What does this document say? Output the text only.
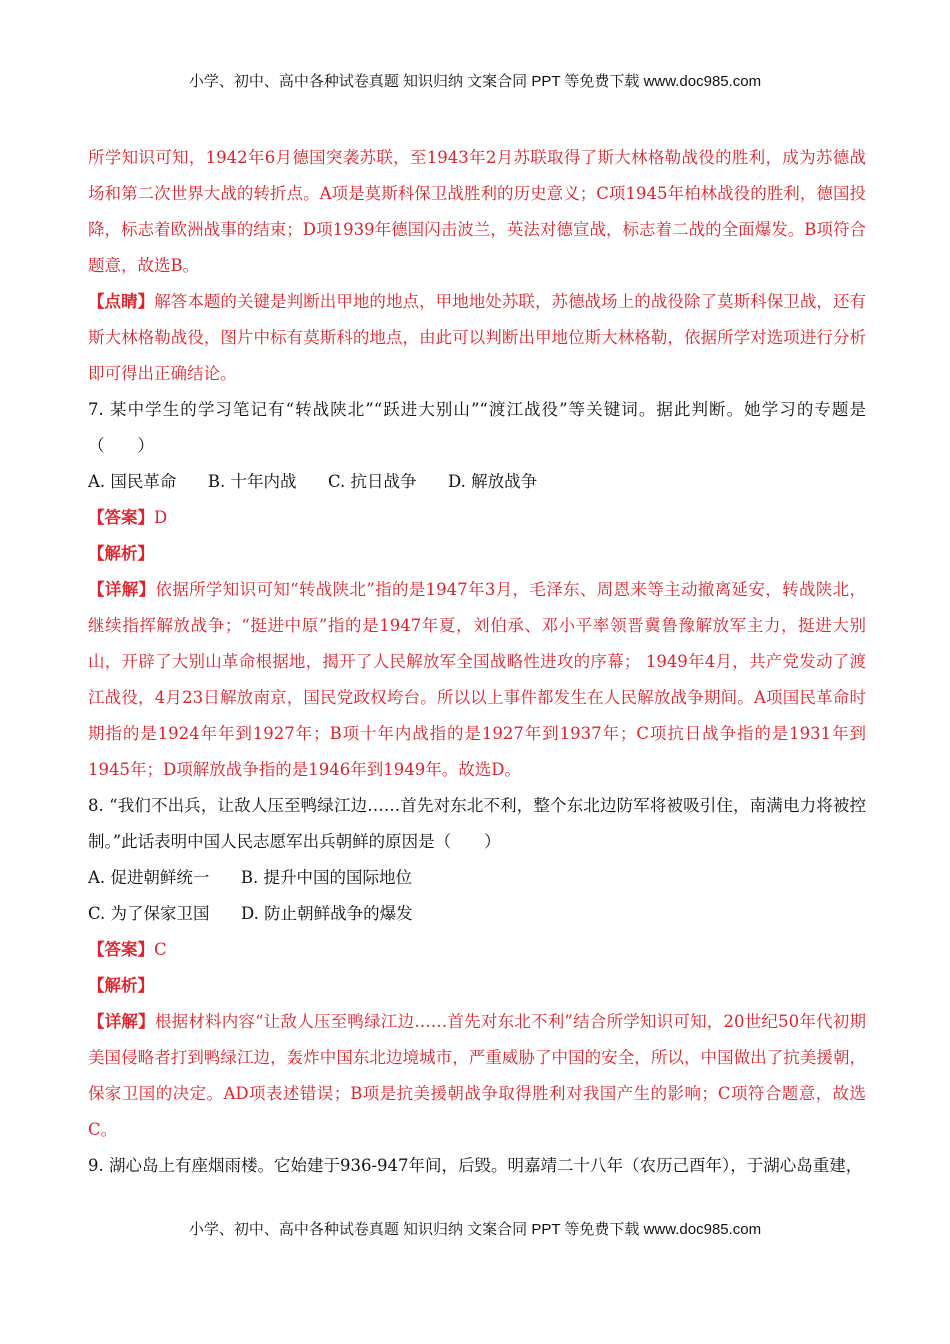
小学、初中、高中各种试卷真题 知识归纳 文案合同 PPT 等免费下载 www.doc985.com

所学知识可知，1942年6月德国突袭苏联，至1943年2月苏联取得了斯大林格勒战役的胜利，成为苏德战场和第二次世界大战的转折点。A项是莫斯科保卫战胜利的历史意义；C项1945年柏林战役的胜利，德国投降，标志着欧洲战事的结束；D项1939年德国闪击波兰，英法对德宣战，标志着二战的全面爆发。B项符合题意，故选B。

【点睛】解答本题的关键是判断出甲地的地点，甲地地处苏联，苏德战场上的战役除了莫斯科保卫战，还有斯大林格勒战役，图片中标有莫斯科的地点，由此可以判断出甲地位斯大林格勒，依据所学对选项进行分析即可得出正确结论。

7. 某中学生的学习笔记有“转战陕北”“跃进大别山”“渡江战役”等关键词。据此判断。她学习的专题是（　　）

A. 国民革命 B. 十年内战 C. 抗日战争 D. 解放战争

【答案】D

【解析】

【详解】依据所学知识可知“转战陕北”指的是1947年3月，毛泽东、周恩来等主动撤离延安，转战陕北，继续指挥解放战争；“挺进中原”指的是1947年夏，刘伯承、邓小平率领晋冀鲁豫解放军主力，挺进大别山，开辟了大别山革命根据地，揭开了人民解放军全国战略性进攻的序幕； 1949年4月，共产党发动了渡江战役，4月23日解放南京，国民党政权垮台。所以以上事件都发生在人民解放战争期间。A项国民革命时期指的是1924年年到1927年；B项十年内战指的是1927年到1937年；C项抗日战争指的是1931年到1945年；D项解放战争指的是1946年到1949年。故选D。

8. “我们不出兵，让敌人压至鸭绿江边……首先对东北不利，整个东北边防军将被吸引住，南满电力将被控制。”此话表明中国人民志愿军出兵朝鲜的原因是（　　）

A. 促进朝鲜统一 B. 提升中国的国际地位

C. 为了保家卫国 D. 防止朝鲜战争的爆发

【答案】C

【解析】

【详解】根据材料内容“让敌人压至鸭绿江边……首先对东北不利”结合所学知识可知，20世纪50年代初期美国侵略者打到鸭绿江边，轰炸中国东北边境城市，严重威胁了中国的安全，所以，中国做出了抗美援朝，保家卫国的决定。AD项表述错误；B项是抗美援朝战争取得胜利对我国产生的影响；C项符合题意，故选C。

9. 湖心岛上有座烟雨楼。它始建于936-947年间，后毁。明嘉靖二十八年（农历己酉年），于湖心岛重建，

小学、初中、高中各种试卷真题 知识归纳 文案合同 PPT 等免费下载 www.doc985.com
